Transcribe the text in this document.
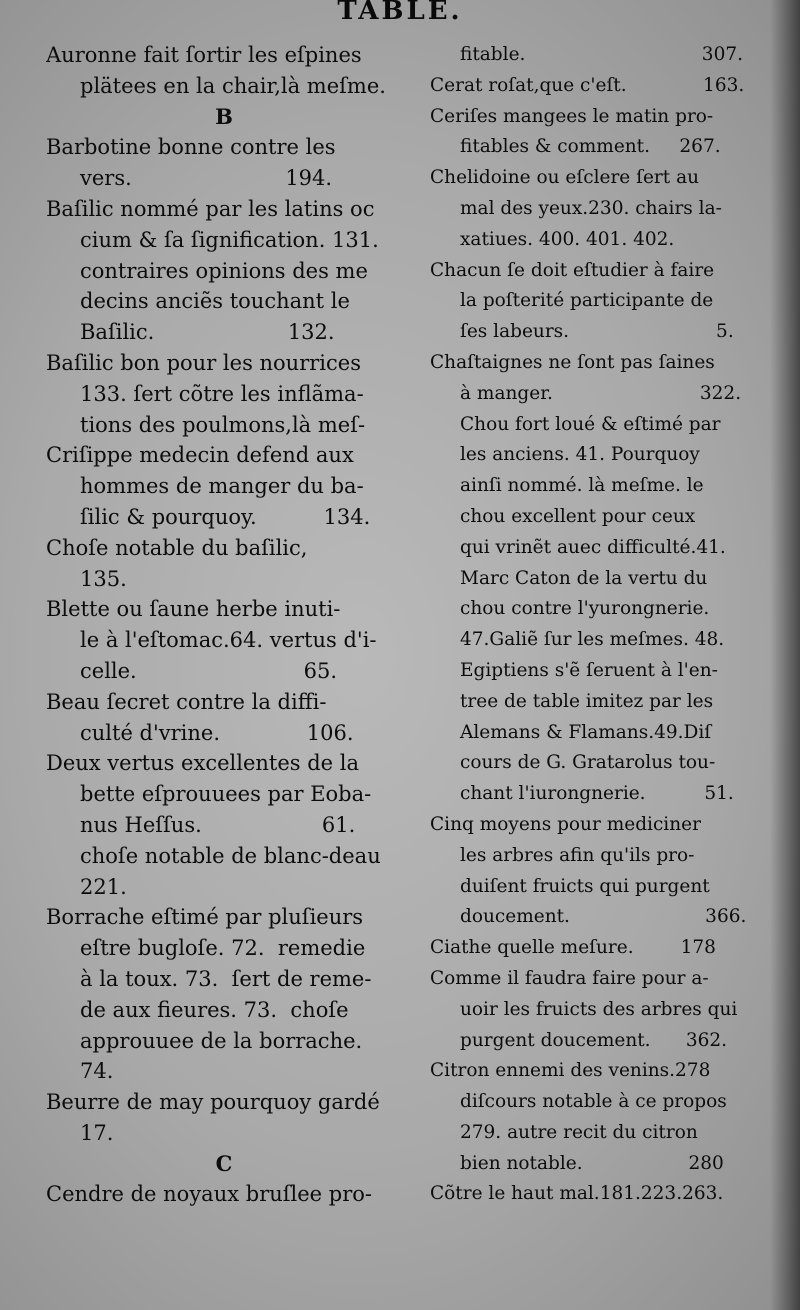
TABLE.
Auronne fait ſortir les eſpines
plätees en la chair,là meſme.
B
Barbotine bonne contre les
vers.                       194.
Baſilic nommé par les latins oc
cium & ſa ſignification. 131.
contraires opinions des me
decins anciẽs touchant le
Baſilic.                    132.
Baſilic bon pour les nourrices
133. ſert cõtre les inflãma-
tions des poulmons,là meſ-
Criſippe medecin defend aux
hommes de manger du ba-
ſilic & pourquoy.          134.
Choſe notable du baſilic,
135.
Blette ou ſaune herbe inuti-
le à l'eſtomac.64. vertus d'i-
celle.                         65.
Beau ſecret contre la diffi-
culté d'vrine.             106.
Deux vertus excellentes de la
bette eſprouuees par Eoba-
nus Heſſus.                  61.
choſe notable de blanc-deau
221.
Borrache eſtimé par pluſieurs
eſtre bugloſe. 72.  remedie
à la toux. 73.  ſert de reme-
de aux fieures. 73.  choſe
approuuee de la borrache.
74.
Beurre de may pourquoy gardé
17.
C
Cendre de noyaux bruſlee pro-
fitable.                              307.
Cerat roſat,que c'eſt.             163.
Ceriſes mangees le matin pro-
fitables & comment.     267.
Chelidoine ou eſclere ſert au
mal des yeux.230. chairs la-
xatiues. 400. 401. 402.
Chacun ſe doit eſtudier à faire
la poſterité participante de
ſes labeurs.                         5.
Chaſtaignes ne ſont pas ſaines
à manger.                         322.
Chou fort loué & eſtimé par
les anciens. 41. Pourquoy
ainſi nommé. là meſme. le
chou excellent pour ceux
qui vrinẽt auec difficulté.41.
Marc Caton de la vertu du
chou contre l'yurongnerie.
47.Galiẽ ſur les meſmes. 48.
Egiptiens s'ẽ ſeruent à l'en-
tree de table imitez par les
Alemans & Flamans.49.Diſ
cours de G. Gratarolus tou-
chant l'iurongnerie.          51.
Cinq moyens pour mediciner
les arbres afin qu'ils pro-
duiſent fruicts qui purgent
doucement.                       366.
Ciathe quelle meſure.        178
Comme il faudra faire pour a-
uoir les fruicts des arbres qui
purgent doucement.      362.
Citron ennemi des venins.278
diſcours notable à ce propos
279. autre recit du citron
bien notable.                  280
Cõtre le haut mal.181.223.263.
